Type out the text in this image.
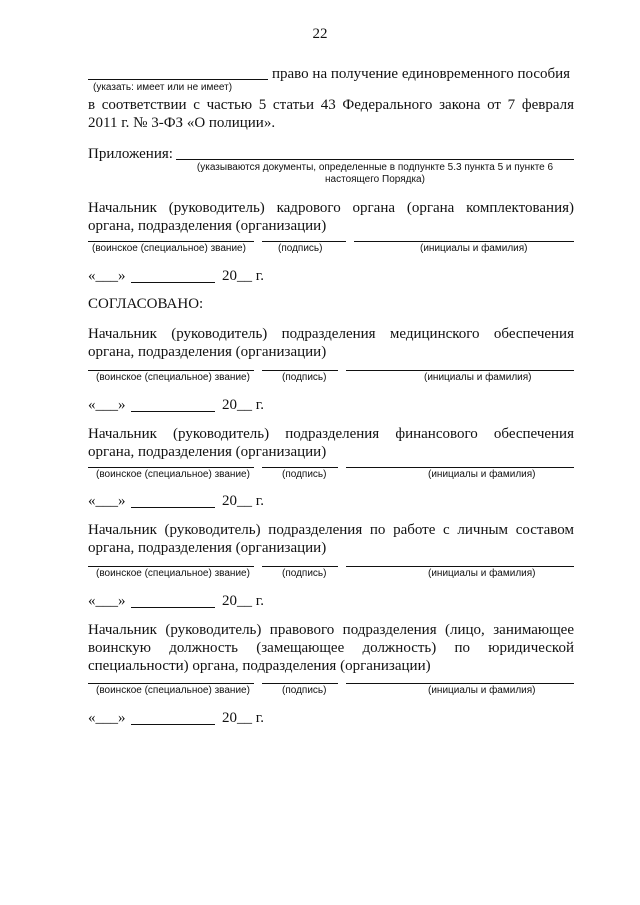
22
право на получение единовременного пособия
(указать: имеет или не имеет)
в соответствии с частью 5 статьи 43 Федерального закона от 7 февраля
2011 г. № 3-ФЗ «О полиции».
Приложения:
(указываются документы, определенные в подпункте 5.3 пункта 5 и пункте 6
настоящего Порядка)
Начальник (руководитель) кадрового органа (органа комплектования)
органа, подразделения (организации)
(воинское (специальное) звание)	(подпись)	(инициалы и фамилия)
«___»	20__ г.
СОГЛАСОВАНО:
Начальник (руководитель) подразделения медицинского обеспечения
органа, подразделения (организации)
(воинское (специальное) звание)	(подпись)	(инициалы и фамилия)
«___»	20__ г.
Начальник (руководитель) подразделения финансового обеспечения
органа, подразделения (организации)
(воинское (специальное) звание)	(подпись)	(инициалы и фамилия)
«___»	20__ г.
Начальник (руководитель) подразделения по работе с личным составом
органа, подразделения (организации)
(воинское (специальное) звание)	(подпись)	(инициалы и фамилия)
«___»	20__ г.
Начальник (руководитель) правового подразделения (лицо, занимающее
воинскую должность (замещающее должность) по юридической
специальности) органа, подразделения (организации)
(воинское (специальное) звание)	(подпись)	(инициалы и фамилия)
«___»	20__ г.
